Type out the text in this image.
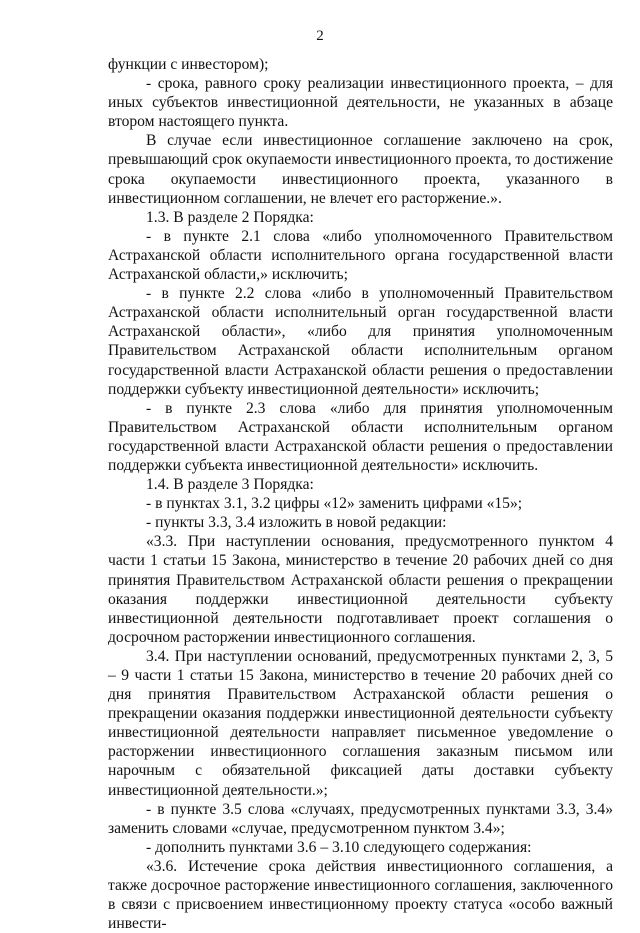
2

функции с инвестором);

- срока, равного сроку реализации инвестиционного проекта, – для иных субъектов инвестиционной деятельности, не указанных в абзаце втором настоящего пункта.

В случае если инвестиционное соглашение заключено на срок, превышающий срок окупаемости инвестиционного проекта, то достижение срока окупаемости инвестиционного проекта, указанного в инвестиционном соглашении, не влечет его расторжение.».

1.3. В разделе 2 Порядка:

- в пункте 2.1 слова «либо уполномоченного Правительством Астраханской области исполнительного органа государственной власти Астраханской области,» исключить;

- в пункте 2.2 слова «либо в уполномоченный Правительством Астраханской области исполнительный орган государственной власти Астраханской области», «либо для принятия уполномоченным Правительством Астраханской области исполнительным органом государственной власти Астраханской области решения о предоставлении поддержки субъекту инвестиционной деятельности» исключить;

- в пункте 2.3 слова «либо для принятия уполномоченным Правительством Астраханской области исполнительным органом государственной власти Астраханской области решения о предоставлении поддержки субъекта инвестиционной деятельности» исключить.

1.4. В разделе 3 Порядка:

- в пунктах 3.1, 3.2 цифры «12» заменить цифрами «15»;

- пункты 3.3, 3.4 изложить в новой редакции:

«3.3. При наступлении основания, предусмотренного пунктом 4 части 1 статьи 15 Закона, министерство в течение 20 рабочих дней со дня принятия Правительством Астраханской области решения о прекращении оказания поддержки инвестиционной деятельности субъекту инвестиционной деятельности подготавливает проект соглашения о досрочном расторжении инвестиционного соглашения.

3.4. При наступлении оснований, предусмотренных пунктами 2, 3, 5 – 9 части 1 статьи 15 Закона, министерство в течение 20 рабочих дней со дня принятия Правительством Астраханской области решения о прекращении оказания поддержки инвестиционной деятельности субъекту инвестиционной деятельности направляет письменное уведомление о расторжении инвестиционного соглашения заказным письмом или нарочным с обязательной фиксацией даты доставки субъекту инвестиционной деятельности.»;

- в пункте 3.5 слова «случаях, предусмотренных пунктами 3.3, 3.4» заменить словами «случае, предусмотренном пунктом 3.4»;

- дополнить пунктами 3.6 – 3.10 следующего содержания:

«3.6. Истечение срока действия инвестиционного соглашения, а также досрочное расторжение инвестиционного соглашения, заключенного в связи с присвоением инвестиционному проекту статуса «особо важный инвести-
